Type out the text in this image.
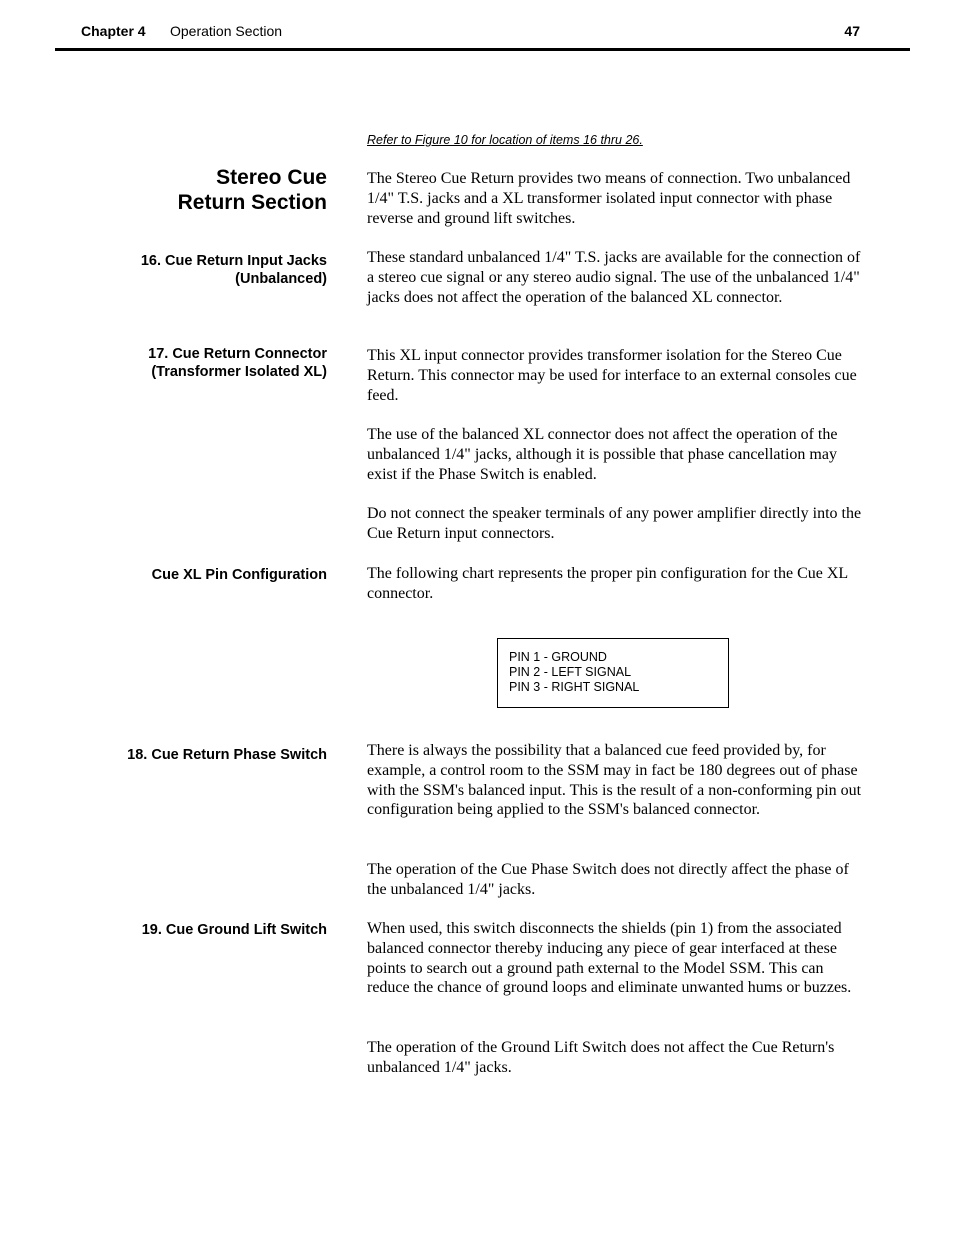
Chapter 4 Operation Section	47
Refer to Figure 10 for location of items 16 thru 26.
Stereo Cue
Return Section
The Stereo Cue Return provides two means of connection. Two unbalanced 1/4" T.S. jacks and a XL transformer isolated input connector with phase reverse and ground lift switches.
16. Cue Return Input Jacks
(Unbalanced)
These standard unbalanced 1/4" T.S. jacks are available for the connection of a stereo cue signal or any stereo audio signal. The use of the unbalanced 1/4" jacks does not affect the operation of the balanced XL connector.
17. Cue Return Connector
(Transformer Isolated XL)
This XL input connector provides transformer isolation for the Stereo Cue Return. This connector may be used for interface to an external consoles cue feed.
The use of the balanced XL connector does not affect the operation of the unbalanced 1/4" jacks, although it is possible that phase cancellation may exist if the Phase Switch is enabled.
Do not connect the speaker terminals of any power amplifier directly into the Cue Return input connectors.
Cue XL Pin Configuration	The following chart represents the proper pin configuration for the Cue XL connector.
PIN 1 - GROUND
PIN 2 - LEFT SIGNAL
PIN 3 - RIGHT SIGNAL
18. Cue Return Phase Switch	There is always the possibility that a balanced cue feed provided by, for example, a control room to the SSM may in fact be 180 degrees out of phase with the SSM's balanced input. This is the result of a non-conforming pin out configuration being applied to the SSM's balanced connector.
The operation of the Cue Phase Switch does not directly affect the phase of the unbalanced 1/4" jacks.
19. Cue Ground Lift Switch	When used, this switch disconnects the shields (pin 1) from the associated balanced connector thereby inducing any piece of gear interfaced at these points to search out a ground path external to the Model SSM. This can reduce the chance of ground loops and eliminate unwanted hums or buzzes.
The operation of the Ground Lift Switch does not affect the Cue Return's unbalanced 1/4" jacks.
